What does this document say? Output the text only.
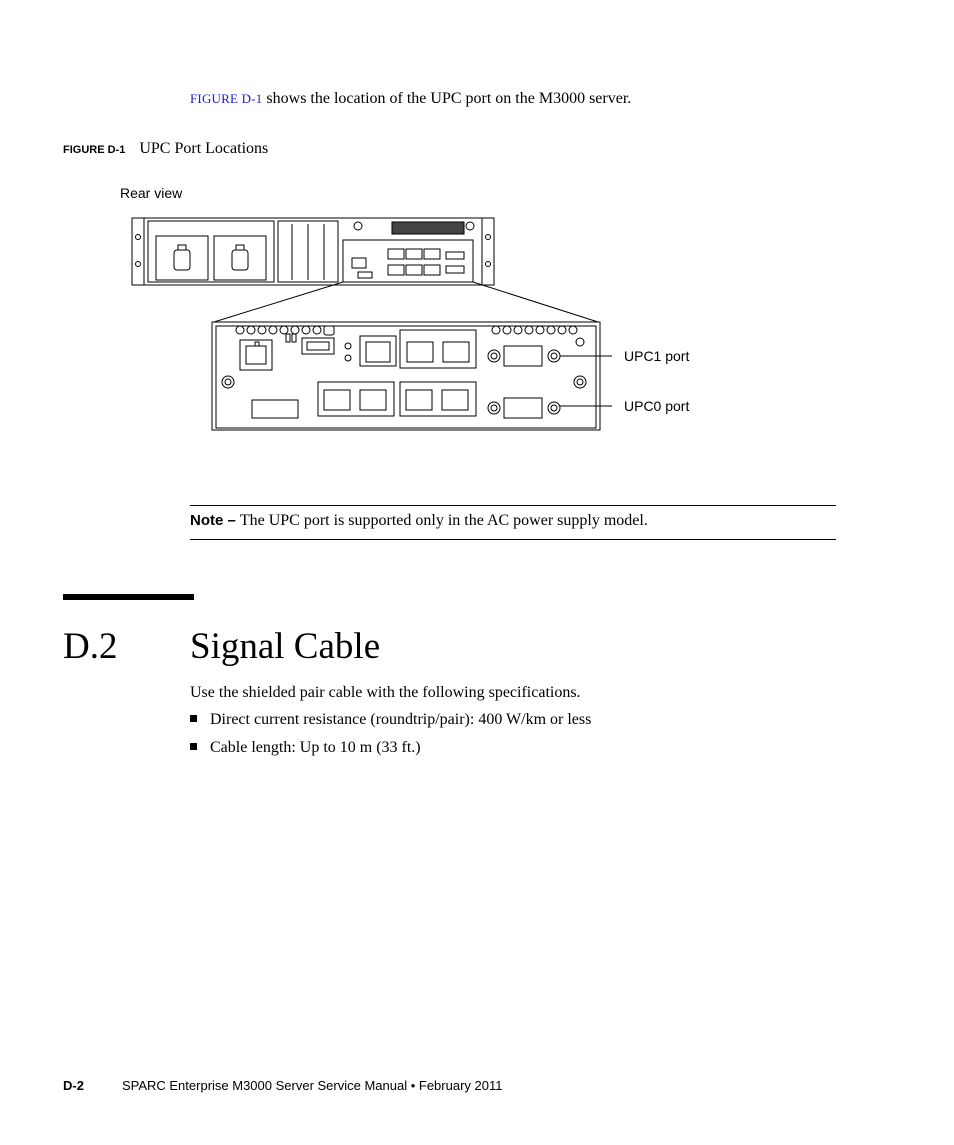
FIGURE D-1 shows the location of the UPC port on the M3000 server.
FIGURE D-1 UPC Port Locations
Rear view
UPC1 port
UPC0 port
Note – The UPC port is supported only in the AC power supply model.
D.2 Signal Cable
Use the shielded pair cable with the following specifications.
Direct current resistance (roundtrip/pair): 400 W/km or less
Cable length: Up to 10 m (33 ft.)
D-2	SPARC Enterprise M3000 Server Service Manual • February 2011
